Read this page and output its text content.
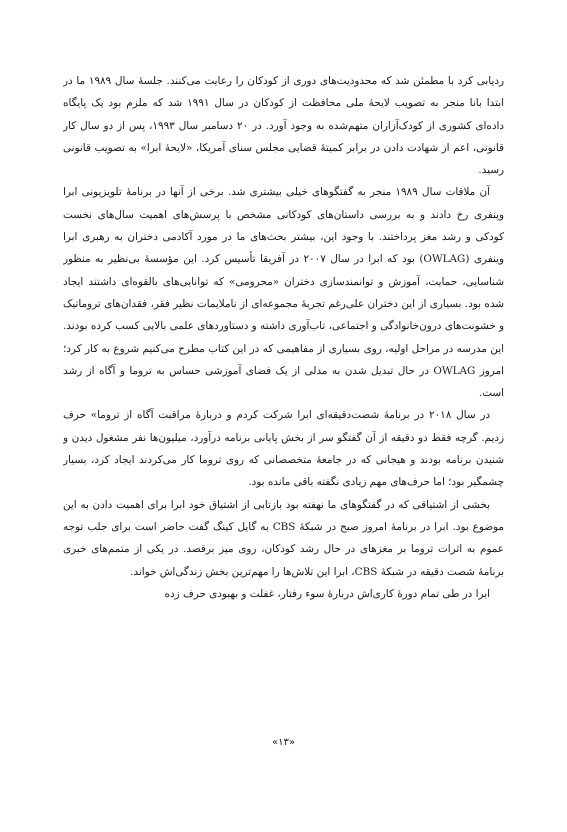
ردیابی کرد با مطمئن شد که محدودیت‌های دوری از کودکان را رعایت می‌کنند. جلسهٔ سال ۱۹۸۹ ما در ابتدا‌ بانا منجر به تصویب لایحهٔ ملی محافظت از کودکان در سال ۱۹۹۱ شد که ملزم بود یک پایگاه داده‌ای کشوری از کودک‌آزاران متهم‌شده به وجود آورد. در ۲۰ دسامبر سال ۱۹۹۳، پس از دو سال کار قانونی، اعم از شهادت دادن در برابر کمیتهٔ قضایی مجلس سنای آمریکا، «لایحهٔ ابرا» به تصویب قانونی رسید.

آن ملاقات سال ۱۹۸۹ منجر به گفتگوهای خیلی بیشتری شد. برخی از آنها در برنامهٔ تلویزیونی ابرا وینفری رخ دادند و به بررسی داستان‌های کودکانی مشخص با پرسش‌های اهمیت سال‌های نخست کودکی و رشد مغز پرداختند. با وجود این، بیشتر بحث‌های ما در مورد آکادمی دختران به رهبری ابرا وینفری (OWLAG) بود که ابرا در سال ۲۰۰۷ در آفریقا تأسیس کرد. این مؤسسهٔ بی‌نظیر به منظور شناسایی، حمایت، آموزش و توانمندسازی دختران «محرومی» که توانایی‌های بالقوه‌ای داشتند ایجاد شده بود. بسیاری از این دختران علی‌رغم تجربهٔ مجموعه‌ای از ناملایمات نظیر فقر، فقدان‌های تروماتیک و خشونت‌های درون‌خانوادگی و اجتماعی، تاب‌آوری داشته و دستاوردهای علمی بالایی کسب کرده بودند. این مدرسه در مراحل اولیه، روی بسیاری از مفاهیمی که در این کتاب مطرح می‌کنیم شروع به کار کرد؛ امروز OWLAG در حال تبدیل شدن به مدلی از یک فضای آموزشی حساس به تروما و آگاه از رشد است.

در سال ۲۰۱۸ در برنامهٔ شصت‌دقیقه‌ای ابرا شرکت کردم و دربارهٔ مراقبت آگاه از تروما» حرف زدیم. گرچه فقط دو دقیقه از آن گفتگو سر از بخش پایانی برنامه درآورد، میلیون‌ها نفر مشغول دیدن و شنیدن برنامه بودند و هیجانی که در جامعهٔ متخصصانی که روی تروما کار می‌کردند ایجاد کرد، بسیار چشمگیر بود؛ اما حرف‌های مهم زیادی نگفته باقی مانده بود.

بخشی از اشتیاقی که در گفتگوهای ما نهفته بود بازتابی از اشتیاق خود ابرا برای اهمیت دادن به این موضوع بود. ابرا در برنامهٔ امروز صبح در شبکهٔ CBS به گایل کینگ گفت حاضر است برای جلب توجه عموم به اثرات تروما بر مغزهای در حال رشد کودکان، روی میز برقصد. در یکی از متمم‌های خبری برنامهٔ شصت دقیقه در شبکهٔ CBS، ابرا این تلاش‌ها را مهم‌ترین بخش زندگی‌اش خواند.

ابرا در طی تمام دورهٔ کاری‌اش دربارهٔ سوء رفتار، غفلت و بهبودی حرف زده

«۱۳»
